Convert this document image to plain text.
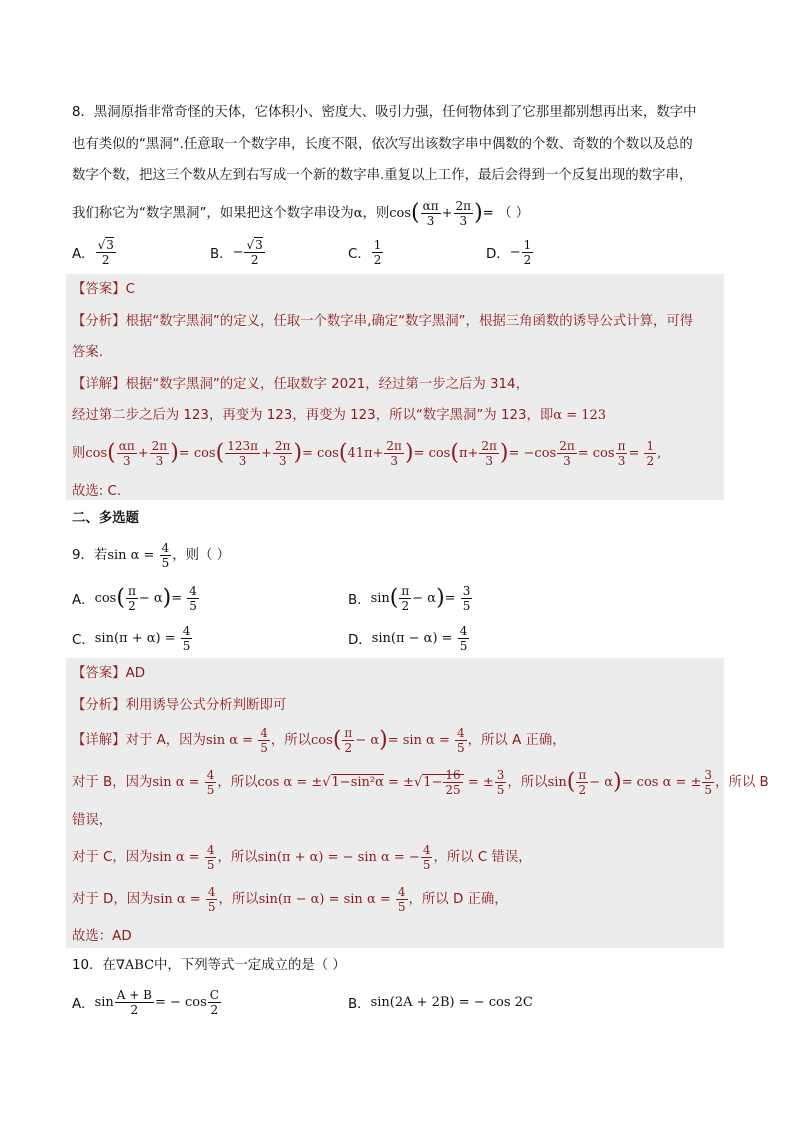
8．黑洞原指非常奇怪的天体，它体积小、密度大、吸引力强，任何物体到了它那里都别想再出来，数字中
也有类似的“黑洞”.任意取一个数字串，长度不限，依次写出该数字串中偶数的个数、奇数的个数以及总的
数字个数，把这三个数从左到右写成一个新的数字串.重复以上工作，最后会得到一个反复出现的数字串，
我们称它为“数字黑洞”，如果把这个数字串设为α，则$\cos( \frac{\alpha\pi}{3} + \frac{2\pi}{3}$ )= （ ）
A． $\frac{√3}{2}$	B． − $\frac{√3}{2}$	C． $\frac{1}{2}$	D． − $\frac{1}{2}$
【答案】C
【分析】根据“数字黑洞”的定义，任取一个数字串,确定“数字黑洞”，根据三角函数的诱导公式计算，可得
答案.
【详解】根据“数字黑洞”的定义，任取数字 2021，经过第一步之后为 314，
经过第二步之后为 123，再变为 123，再变为 123，所以“数字黑洞”为 123，即α = 123
则$\cos( \frac{\alpha\pi}{3} + \frac{2\pi}{3}$ )= $\cos( \frac{123\pi}{3} + \frac{2\pi}{3}$ )= $\cos(41\pi+ \frac{2\pi}{3}$ )= $\cos(\pi+ \frac{2\pi}{3}$ )= $-\cos \frac{2\pi}{3} = \cos \frac{\pi}{3} = \frac{1}{2}$ ,
故选: C.
二、多选题
9．若$\sin \alpha = \frac{4}{5}$ ，则（ ）
A． $\cos( \frac{\pi}{2} - \alpha)= \frac{4}{5}$	B． $\sin( \frac{\pi}{2} - \alpha)= \frac{3}{5}$
C． $\sin(\pi + \alpha) = \frac{4}{5}$	D． $\sin(\pi - \alpha) = \frac{4}{5}$
【答案】AD
【分析】利用诱导公式分析判断即可
【详解】对于 A，因为$\sin \alpha = \frac{4}{5}$ ，所以$\cos( \frac{\pi}{2} - \alpha)= \sin \alpha = \frac{4}{5}$ ，所以 A 正确，
对于 B，因为$\sin \alpha = \frac{4}{5}$ ，所以$\cos \alpha = \pm√1-\sin^2\alpha = \pm√1- \frac{16}{25}$ = ± $\frac{3}{5}$ ，所以$\sin( \frac{\pi}{2} - \alpha)= \cos \alpha$ = ± $\frac{3}{5}$ ，所以 B
错误，
对于 C，因为$\sin \alpha = \frac{4}{5}$ ，所以sin(π + α) = − sin α = − $\frac{4}{5}$ ，所以 C 错误，
对于 D，因为$\sin \alpha = \frac{4}{5}$ ，所以$\sin(\pi - \alpha) = \sin \alpha = \frac{4}{5}$ ，所以 D 正确，
故选：AD
10．在∇ABC中，下列等式一定成立的是（ ）
A． $\sin \frac{A + B}{2}$ = − $\cos \frac{C}{2}$	B． sin(2A + 2B) = − cos 2C
